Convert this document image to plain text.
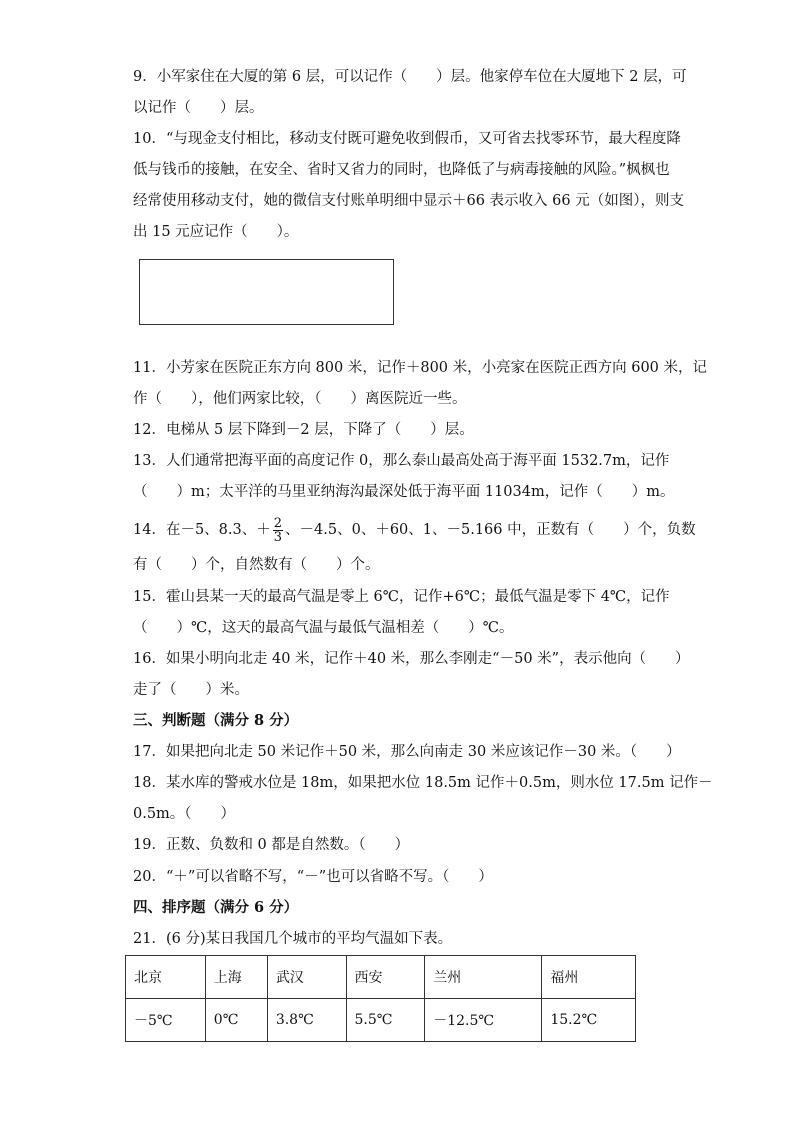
9．小军家住在大厦的第 6 层，可以记作（　　）层。他家停车位在大厦地下 2 层，可
以记作（　　）层。
10．“与现金支付相比，移动支付既可避免收到假币，又可省去找零环节，最大程度降
低与钱币的接触，在安全、省时又省力的同时，也降低了与病毒接触的风险。”枫枫也
经常使用移动支付，她的微信支付账单明细中显示＋66 表示收入 66 元（如图），则支
出 15 元应记作（　　）。
11．小芳家在医院正东方向 800 米，记作＋800 米，小亮家在医院正西方向 600 米，记
作（　　），他们两家比较，（　　）离医院近一些。
12．电梯从 5 层下降到－2 层，下降了（　　）层。
13．人们通常把海平面的高度记作 0，那么泰山最高处高于海平面 1532.7m，记作
（　　）m；太平洋的马里亚纳海沟最深处低于海平面 11034m，记作（　　）m。
14．在－5、8.3、＋ $\frac{2}{3}$ 、－4.5、0、＋60、1、－5.166 中，正数有（　　）个，负数
有（　　）个，自然数有（　　）个。
15．霍山县某一天的最高气温是零上 6℃，记作+6℃；最低气温是零下 4℃，记作
（　　）℃，这天的最高气温与最低气温相差（　　）℃。
16．如果小明向北走 40 米，记作＋40 米，那么李刚走“－50 米”，表示他向（　　）
走了（　　）米。
三、判断题（满分 8 分）
17．如果把向北走 50 米记作＋50 米，那么向南走 30 米应该记作－30 米。（　　）
18．某水库的警戒水位是 18m，如果把水位 18.5m 记作＋0.5m，则水位 17.5m 记作－
0.5m。（　　）
19．正数、负数和 0 都是自然数。（　　）
20．“＋”可以省略不写，“－”也可以省略不写。（　　）
四、排序题（满分 6 分）
21．(6 分)某日我国几个城市的平均气温如下表。
北京	上海	武汉	西安	兰州	福州
－5℃	0℃	3.8℃	5.5℃	－12.5℃	15.2℃
